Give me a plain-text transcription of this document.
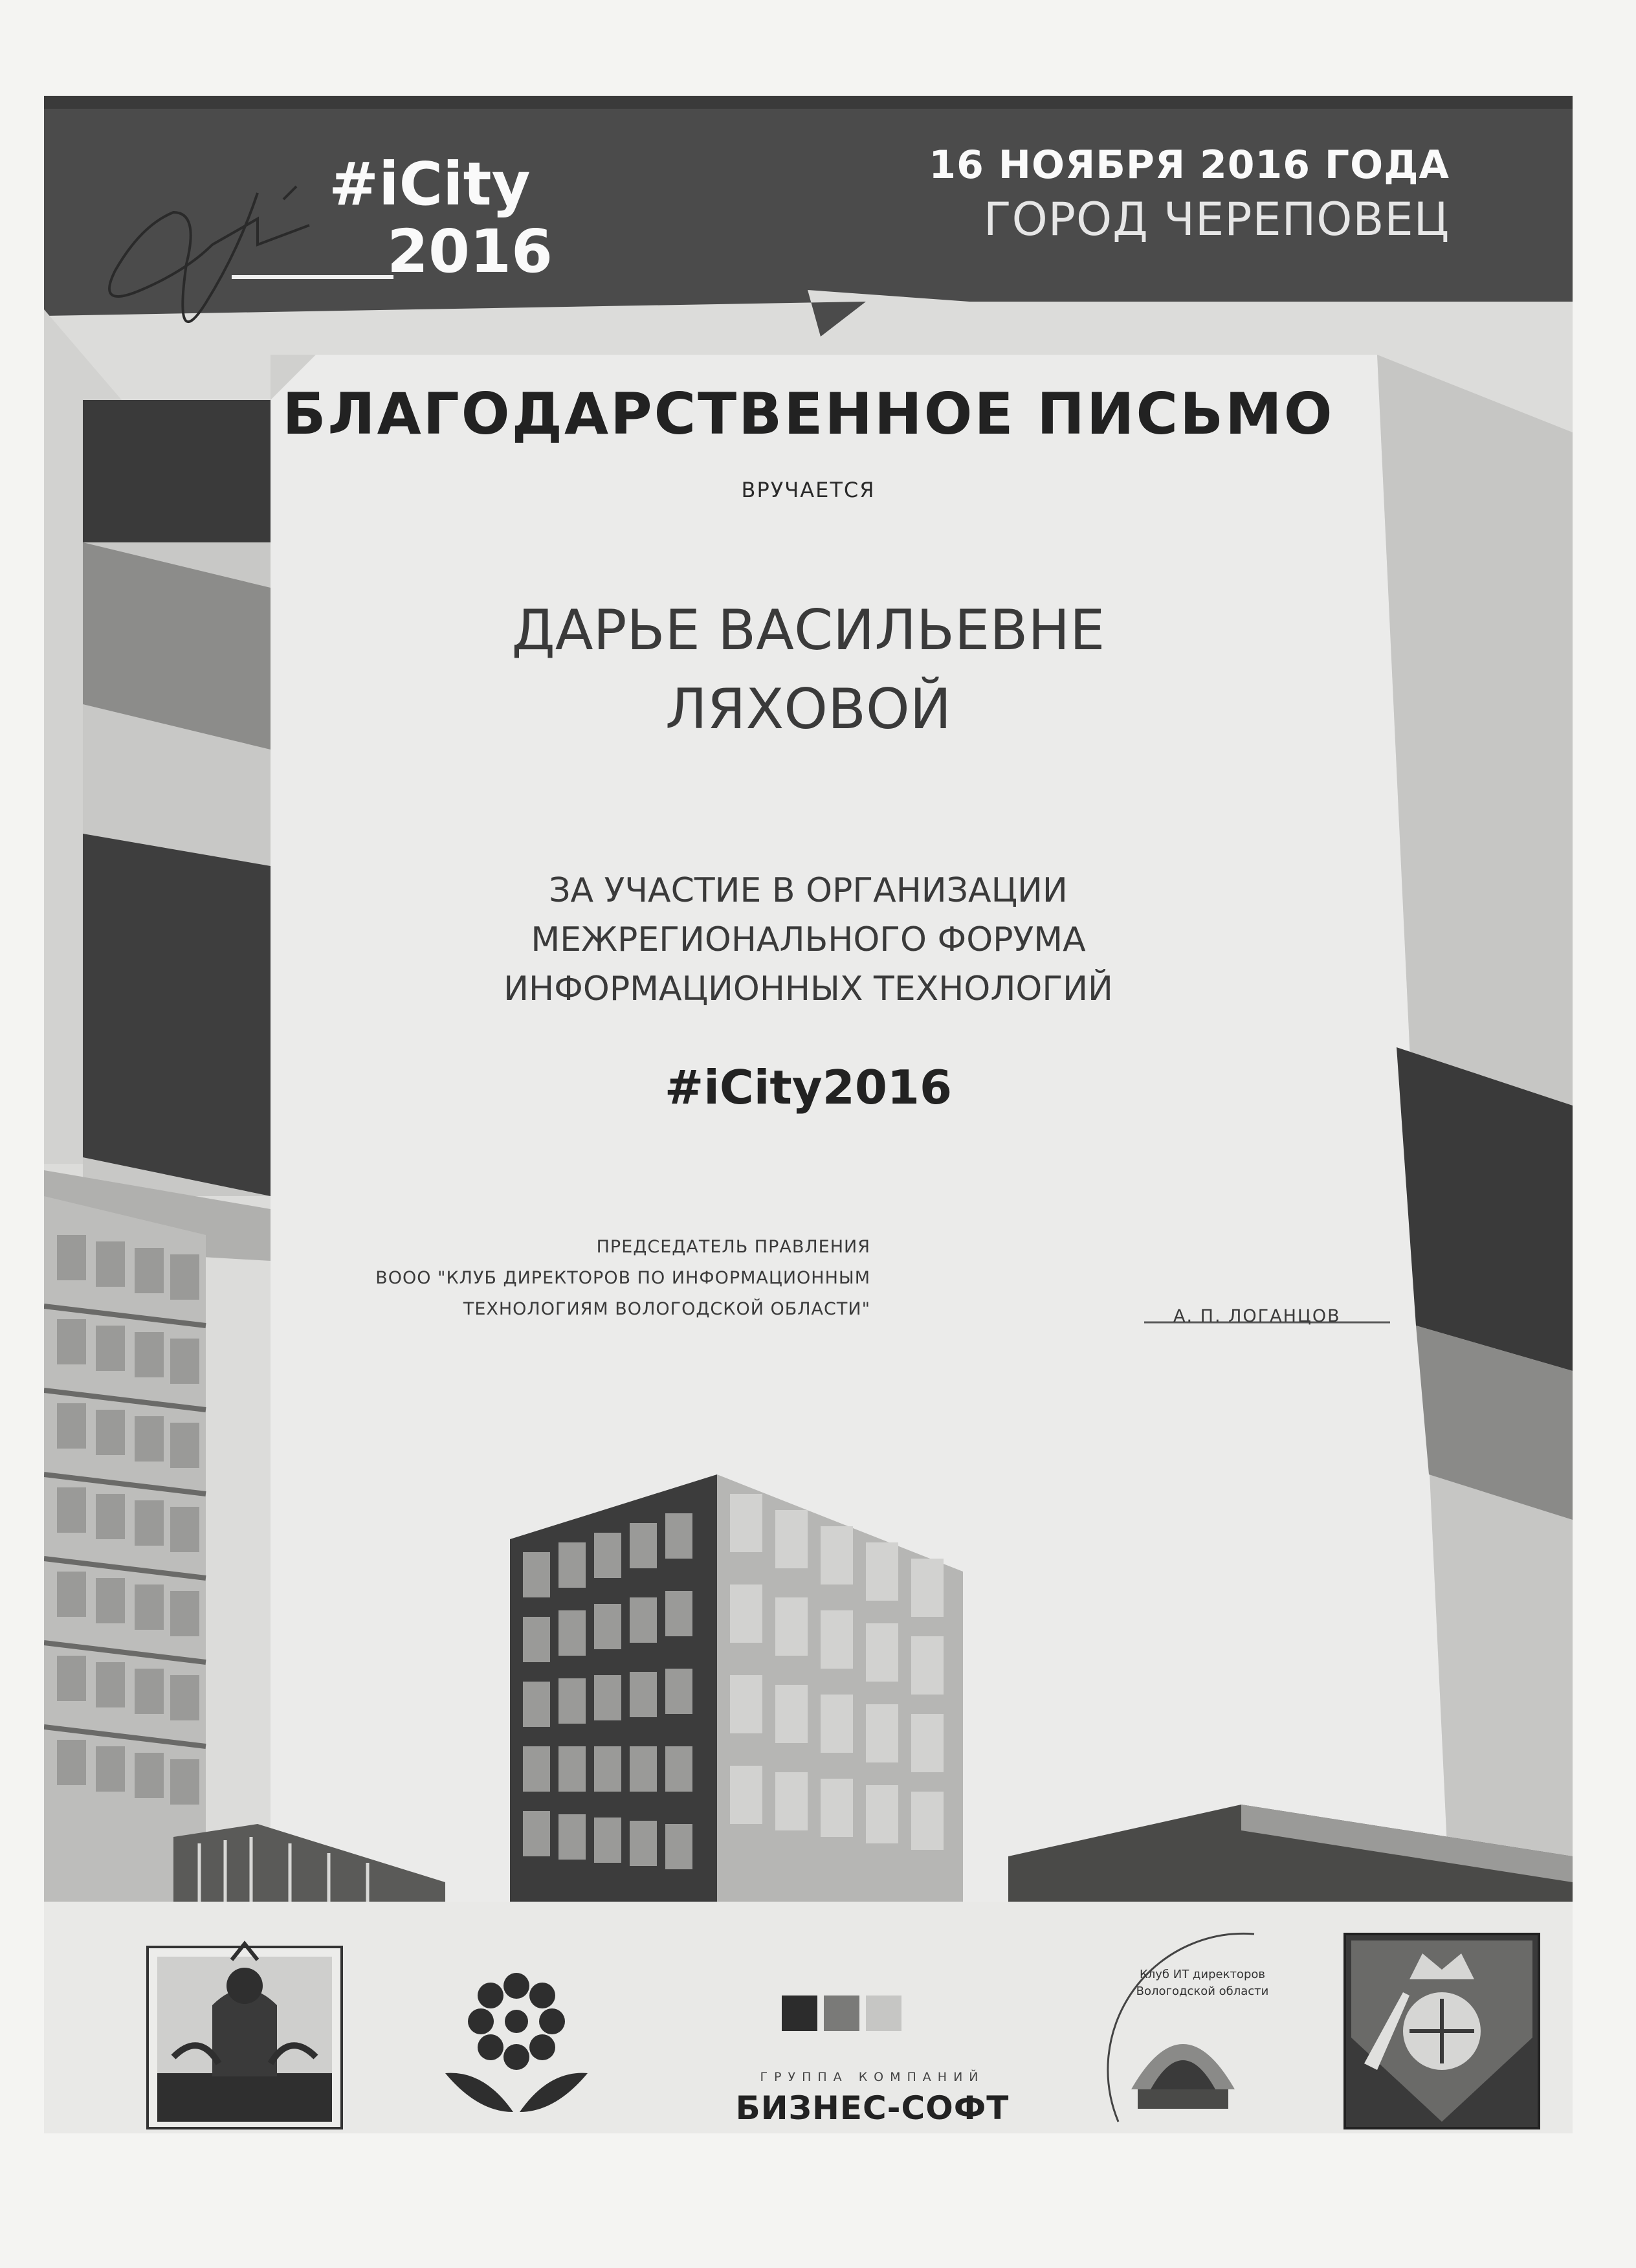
#iCity
2016
16 НОЯБРЯ 2016 ГОДА
ГОРОД ЧЕРЕПОВЕЦ
БЛАГОДАРСТВЕННОЕ ПИСЬМО
ВРУЧАЕТСЯ
ДАРЬЕ ВАСИЛЬЕВНЕ
ЛЯХОВОЙ
ЗА УЧАСТИЕ В ОРГАНИЗАЦИИ
МЕЖРЕГИОНАЛЬНОГО ФОРУМА
ИНФОРМАЦИОННЫХ ТЕХНОЛОГИЙ
#iCity2016
ПРЕДСЕДАТЕЛЬ ПРАВЛЕНИЯ
ВООО "КЛУБ ДИРЕКТОРОВ ПО ИНФОРМАЦИОННЫМ
ТЕХНОЛОГИЯМ ВОЛОГОДСКОЙ ОБЛАСТИ"	А. П. ЛОГАНЦОВ
ГРУППА КОМПАНИЙ
БИЗНЕС-СОФТ
Клуб ИТ директоров
Вологодской области
